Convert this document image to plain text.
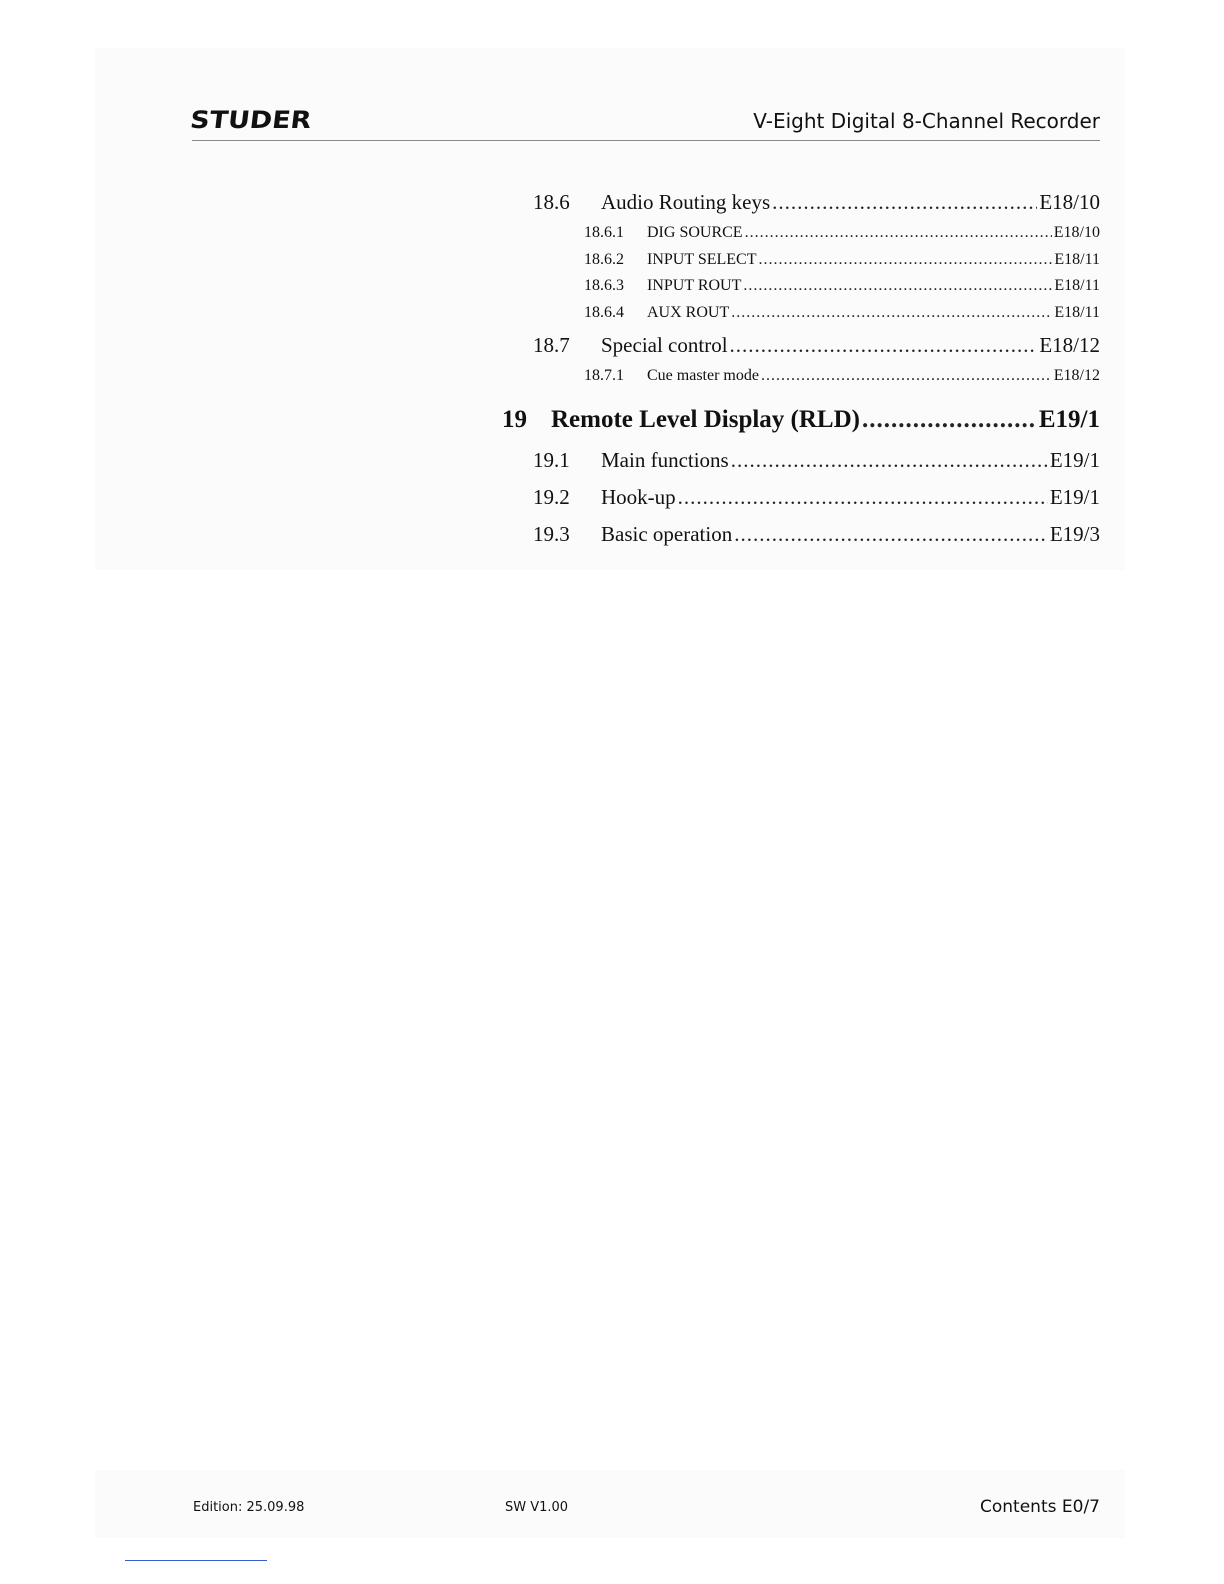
STUDER	V-Eight Digital 8-Channel Recorder
18.6	Audio Routing keys .....	E18/10
18.6.1	DIG SOURCE .....	E18/10
18.6.2	INPUT SELECT .....	E18/11
18.6.3	INPUT ROUT .....	E18/11
18.6.4	AUX ROUT .....	E18/11
18.7	Special control .....	E18/12
18.7.1	Cue master mode .....	E18/12
19 Remote Level Display (RLD) .....	E19/1
19.1	Main functions .....	E19/1
19.2	Hook-up .....	E19/1
19.3	Basic operation .....	E19/3
Edition: 25.09.98	SW V1.00	Contents E0/7
